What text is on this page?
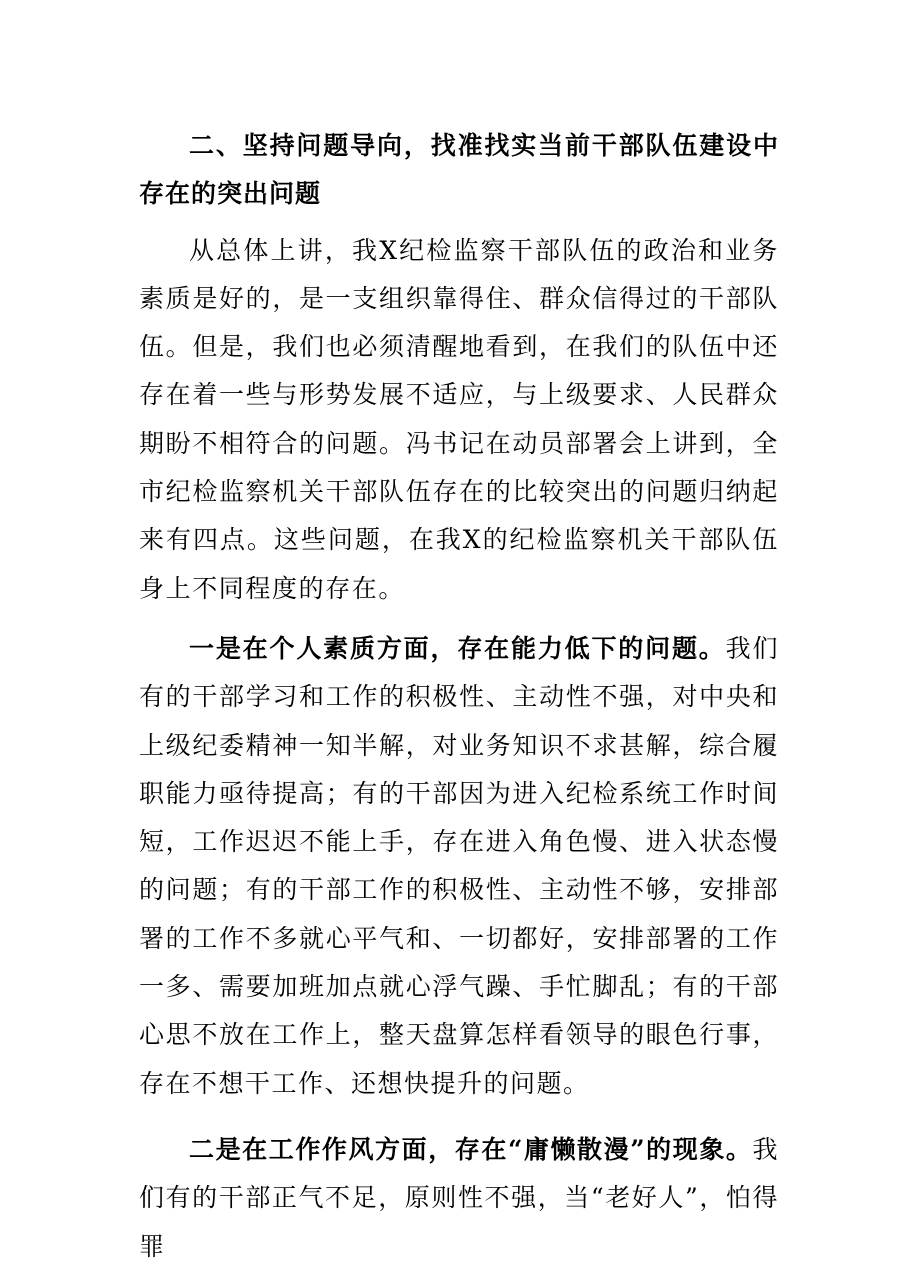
二、坚持问题导向，找准找实当前干部队伍建设中存在的突出问题

从总体上讲，我X纪检监察干部队伍的政治和业务素质是好的，是一支组织靠得住、群众信得过的干部队伍。但是，我们也必须清醒地看到，在我们的队伍中还存在着一些与形势发展不适应，与上级要求、人民群众期盼不相符合的问题。冯书记在动员部署会上讲到，全市纪检监察机关干部队伍存在的比较突出的问题归纳起来有四点。这些问题，在我X的纪检监察机关干部队伍身上不同程度的存在。

一是在个人素质方面，存在能力低下的问题。我们有的干部学习和工作的积极性、主动性不强，对中央和上级纪委精神一知半解，对业务知识不求甚解，综合履职能力亟待提高；有的干部因为进入纪检系统工作时间短，工作迟迟不能上手，存在进入角色慢、进入状态慢的问题；有的干部工作的积极性、主动性不够，安排部署的工作不多就心平气和、一切都好，安排部署的工作一多、需要加班加点就心浮气躁、手忙脚乱；有的干部心思不放在工作上，整天盘算怎样看领导的眼色行事，存在不想干工作、还想快提升的问题。

二是在工作作风方面，存在“庸懒散漫”的现象。我们有的干部正气不足，原则性不强，当“老好人”，怕得罪
